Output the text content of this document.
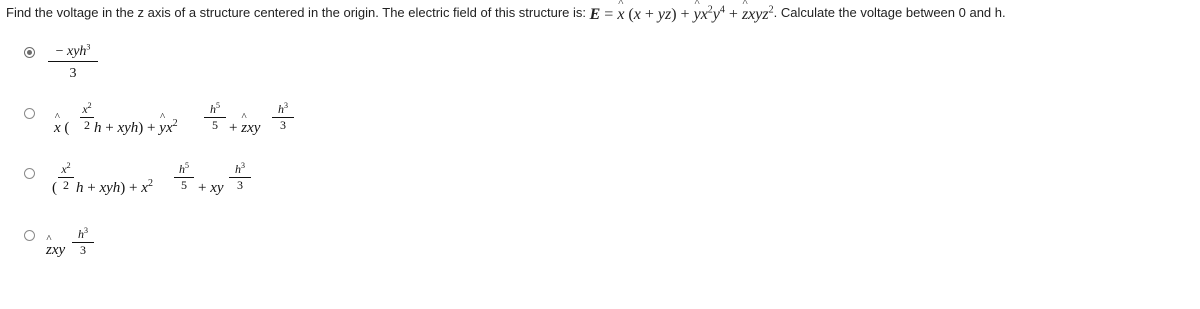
Find the voltage in the z axis of a structure centered in the origin. The electric field of this structure is: E = ^ x (x + yz) + ^ $yx^2y^4$ + ^ zxyz$^2$. Calculate the voltage between 0 and h.
− xyh$^3$
3
^ x (
$x^2$
2 h + xyh) + ^ $yx^2$
$h^5$
5 + ^ zxy
$h^3$
3
(
$x^2$
2 $h + xyh) + x^2$
$h^5$
5 + xy
$h^3$
3
^ zxy
$h^3$
3
